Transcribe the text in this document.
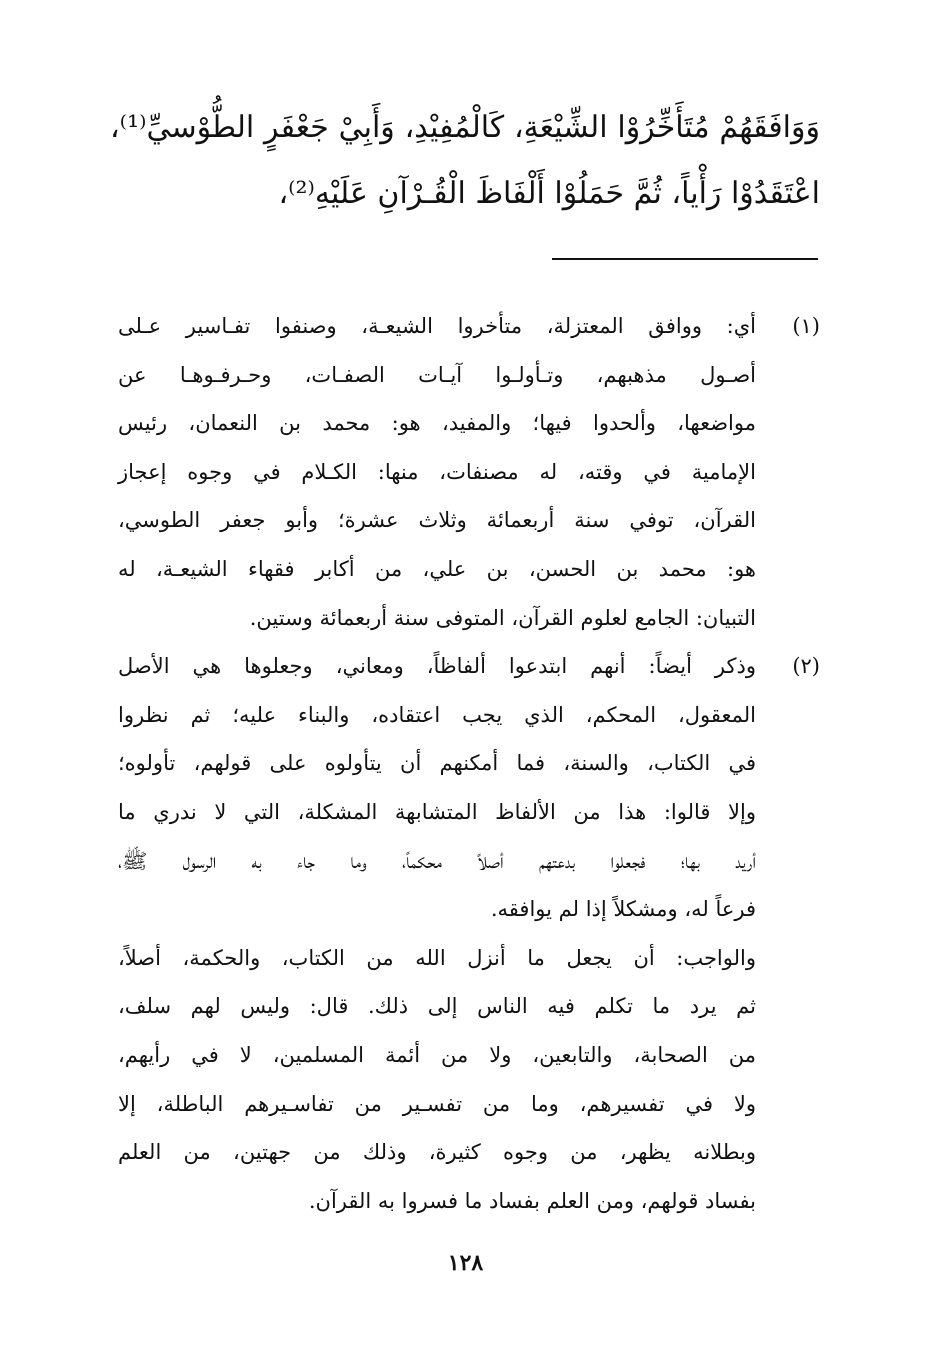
وَوَافَقَهُمْ مُتَأَخِّرُوْا الشِّيْعَةِ، كَالْمُفِيْدِ، وَأَبِيْ جَعْفَرٍ الطُّوْسيِّ⁽¹⁾،
اعْتَقَدُوْا رَأْياً، ثُمَّ حَمَلُوْا أَلْفَاظَ الْقُـرْآنِ عَلَيْهِ⁽²⁾،
(١)
أي: ووافق المعتزلة، متأخروا الشيعـة، وصنفوا تفـاسير عـلى
أصـول مذهبهم، وتـأولـوا آيـات الصفـات، وحـرفـوهـا عن
مواضعها، وألحدوا فيها؛ والمفيد، هو: محمد بن النعمان، رئيس
الإمامية في وقته، له مصنفات، منها: الكـلام في وجوه إعجاز
القرآن، توفي سنة أربعمائة وثلاث عشرة؛ وأبو جعفر الطوسي،
هو: محمد بن الحسن، بن علي، من أكابر فقهاء الشيعـة، له
التبيان: الجامع لعلوم القرآن، المتوفى سنة أربعمائة وستين.
(٢)
وذكر أيضاً: أنهم ابتدعوا ألفاظاً، ومعاني، وجعلوها هي الأصل
المعقول، المحكم، الذي يجب اعتقاده، والبناء عليه؛ ثم نظروا
في الكتاب، والسنة، فما أمكنهم أن يتأولوه على قولهم، تأولوه؛
وإلا قالوا: هذا من الألفاظ المتشابهة المشكلة، التي لا ندري ما
أريد بها؛ فجعلوا بدعتهم أصلاً محكماً، وما جاء به الرسول ﷺ،
فرعاً له، ومشكلاً إذا لم يوافقه.
والواجب: أن يجعل ما أنزل الله من الكتاب، والحكمة، أصلاً،
ثم يرد ما تكلم فيه الناس إلى ذلك. قال: وليس لهم سلف،
من الصحابة، والتابعين، ولا من أئمة المسلمين، لا في رأيهم،
ولا في تفسيرهم، وما من تفسـير من تفاسـيرهم الباطلة، إلا
وبطلانه يظهر، من وجوه كثيرة، وذلك من جهتين، من العلم
بفساد قولهم، ومن العلم بفساد ما فسروا به القرآن.
١٢٨
